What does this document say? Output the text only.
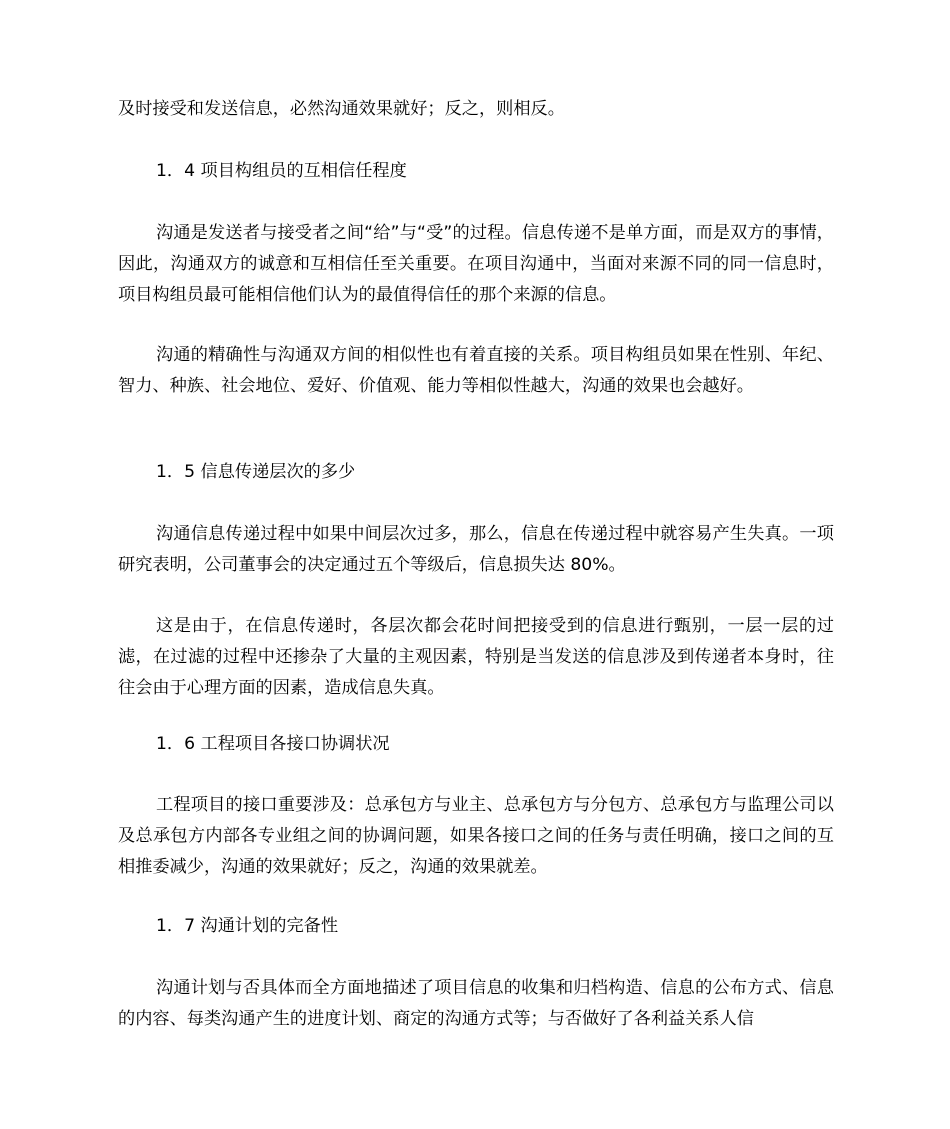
及时接受和发送信息，必然沟通效果就好；反之，则相反。

1．4 项目构组员的互相信任程度

沟通是发送者与接受者之间“给”与“受”的过程。信息传递不是单方面，而是双方的事情，因此，沟通双方的诚意和互相信任至关重要。在项目沟通中，当面对来源不同的同一信息时，项目构组员最可能相信他们认为的最值得信任的那个来源的信息。

沟通的精确性与沟通双方间的相似性也有着直接的关系。项目构组员如果在性别、年纪、智力、种族、社会地位、爱好、价值观、能力等相似性越大，沟通的效果也会越好。

1．5 信息传递层次的多少

沟通信息传递过程中如果中间层次过多，那么，信息在传递过程中就容易产生失真。一项研究表明，公司董事会的决定通过五个等级后，信息损失达 80%。

这是由于，在信息传递时，各层次都会花时间把接受到的信息进行甄别，一层一层的过滤，在过滤的过程中还掺杂了大量的主观因素，特别是当发送的信息涉及到传递者本身时，往往会由于心理方面的因素，造成信息失真。

1．6 工程项目各接口协调状况

工程项目的接口重要涉及：总承包方与业主、总承包方与分包方、总承包方与监理公司以及总承包方内部各专业组之间的协调问题，如果各接口之间的任务与责任明确，接口之间的互相推委减少，沟通的效果就好；反之，沟通的效果就差。

1．7 沟通计划的完备性

沟通计划与否具体而全方面地描述了项目信息的收集和归档构造、信息的公布方式、信息的内容、每类沟通产生的进度计划、商定的沟通方式等；与否做好了各利益关系人信
